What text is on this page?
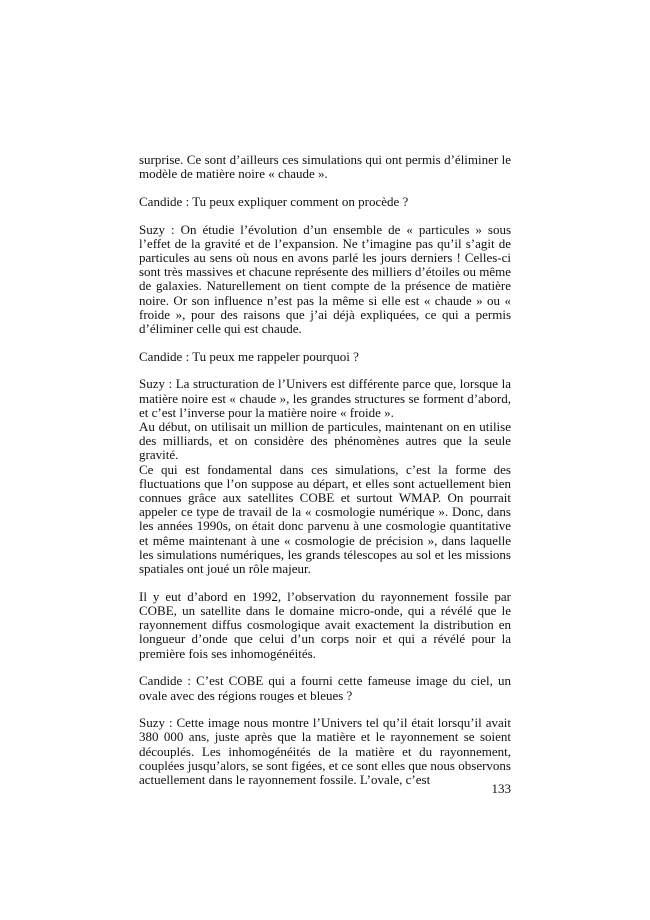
surprise. Ce sont d’ailleurs ces simulations qui ont permis d’éliminer le modèle de matière noire « chaude ».

Candide : Tu peux expliquer comment on procède ?

Suzy : On étudie l’évolution d’un ensemble de « particules » sous l’effet de la gravité et de l’expansion. Ne t’imagine pas qu’il s’agit de particules au sens où nous en avons parlé les jours derniers ! Celles-ci sont très massives et chacune représente des milliers d’étoiles ou même de galaxies. Naturellement on tient compte de la présence de matière noire. Or son influence n’est pas la même si elle est « chaude » ou « froide », pour des raisons que j’ai déjà expliquées, ce qui a permis d’éliminer celle qui est chaude.

Candide : Tu peux me rappeler pourquoi ?

Suzy : La structuration de l’Univers est différente parce que, lorsque la matière noire est « chaude », les grandes structures se forment d’abord, et c’est l’inverse pour la matière noire « froide ».

Au début, on utilisait un million de particules, maintenant on en utilise des milliards, et on considère des phénomènes autres que la seule gravité.

Ce qui est fondamental dans ces simulations, c’est la forme des fluctuations que l’on suppose au départ, et elles sont actuellement bien connues grâce aux satellites COBE et surtout WMAP. On pourrait appeler ce type de travail de la « cosmologie numérique ». Donc, dans les années 1990s, on était donc parvenu à une cosmologie quantitative et même maintenant à une « cosmologie de précision », dans laquelle les simulations numériques, les grands télescopes au sol et les missions spatiales ont joué un rôle majeur.

Il y eut d’abord en 1992, l’observation du rayonnement fossile par COBE, un satellite dans le domaine micro-onde, qui a révélé que le rayonnement diffus cosmologique avait exactement la distribution en longueur d’onde que celui d’un corps noir et qui a révélé pour la première fois ses inhomogénéités.

Candide : C’est COBE qui a fourni cette fameuse image du ciel, un ovale avec des régions rouges et bleues ?

Suzy : Cette image nous montre l’Univers tel qu’il était lorsqu’il avait 380 000 ans, juste après que la matière et le rayonnement se soient découplés. Les inhomogénéités de la matière et du rayonnement, couplées jusqu’alors, se sont figées, et ce sont elles que nous observons actuellement dans le rayonnement fossile. L’ovale, c’est

133
